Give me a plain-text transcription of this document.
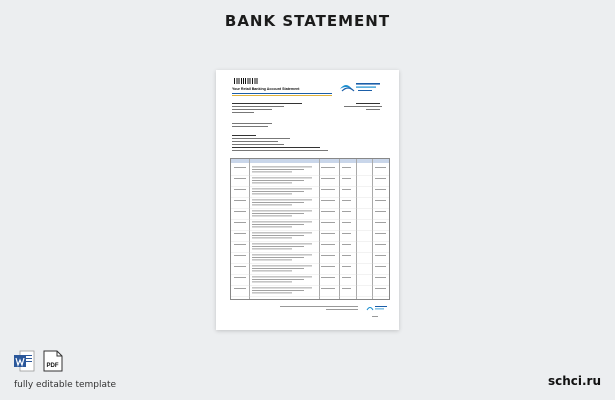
BANK STATEMENT
Your Retail Banking Account Statement
PDF
fully editable template	schci.ru
